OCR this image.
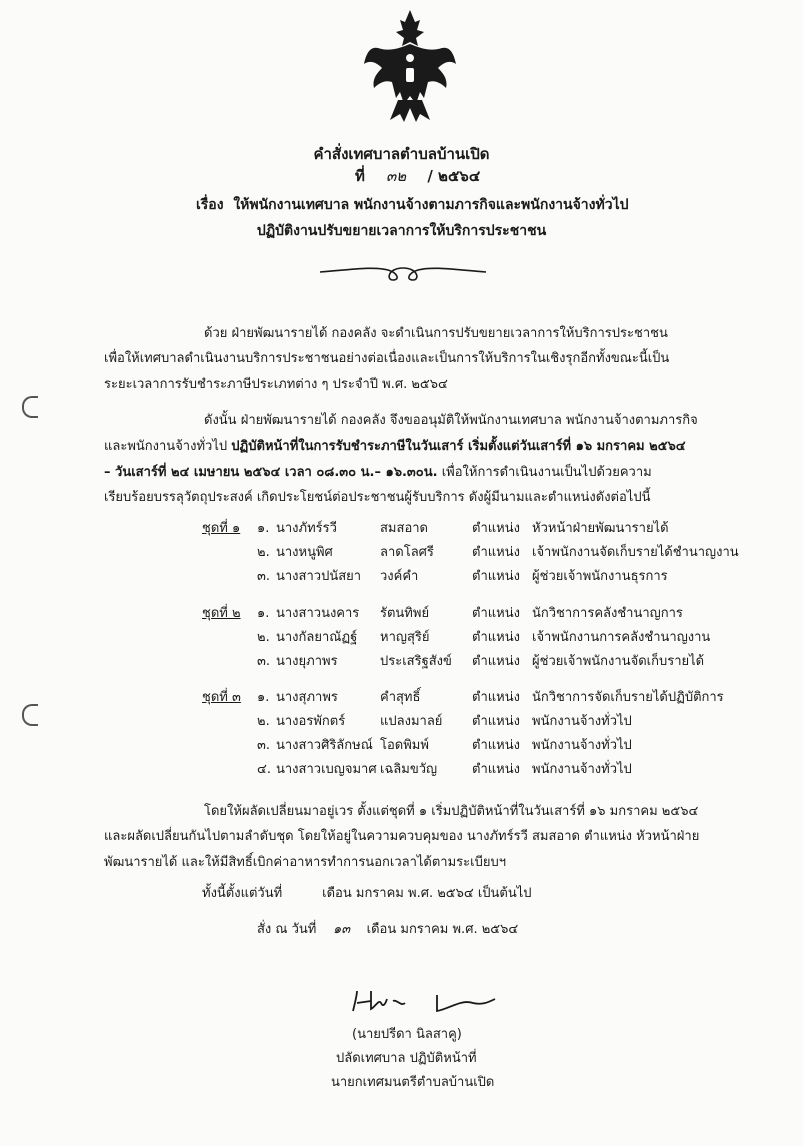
คำสั่งเทศบาลตำบลบ้านเปิด
ที่ ๓๒ / ๒๕๖๔
เรื่อง ให้พนักงานเทศบาล พนักงานจ้างตามภารกิจและพนักงานจ้างทั่วไป
ปฏิบัติงานปรับขยายเวลาการให้บริการประชาชน
ด้วย ฝ่ายพัฒนารายได้ กองคลัง จะดำเนินการปรับขยายเวลาการให้บริการประชาชน
เพื่อให้เทศบาลดำเนินงานบริการประชาชนอย่างต่อเนื่องและเป็นการให้บริการในเชิงรุกอีกทั้งขณะนี้เป็น
ระยะเวลาการรับชำระภาษีประเภทต่าง ๆ ประจำปี พ.ศ. ๒๕๖๔
ดังนั้น ฝ่ายพัฒนารายได้ กองคลัง จึงขออนุมัติให้พนักงานเทศบาล พนักงานจ้างตามภารกิจ
และพนักงานจ้างทั่วไป ปฏิบัติหน้าที่ในการรับชำระภาษีในวันเสาร์ เริ่มตั้งแต่วันเสาร์ที่ ๑๖ มกราคม ๒๕๖๔
– วันเสาร์ที่ ๒๔ เมษายน ๒๕๖๔ เวลา ๐๘.๓๐ น.– ๑๖.๓๐น. เพื่อให้การดำเนินงานเป็นไปด้วยความ
เรียบร้อยบรรลุวัตถุประสงค์ เกิดประโยชน์ต่อประชาชนผู้รับบริการ ดังผู้มีนามและตำแหน่งดังต่อไปนี้
ชุดที่ ๑ ๑. นางภัทร์รวี	สมสอาด	ตำแหน่ง หัวหน้าฝ่ายพัฒนารายได้
๒. นางหนูพิศ	ลาดโลศรี	ตำแหน่ง เจ้าพนักงานจัดเก็บรายได้ชำนาญงาน
๓. นางสาวปนัสยา วงค์คำ	ตำแหน่ง ผู้ช่วยเจ้าพนักงานธุรการ
ชุดที่ ๒ ๑. นางสาวนงคาร รัตนทิพย์	ตำแหน่ง นักวิชาการคลังชำนาญการ
๒. นางกัลยาณัฏฐ์ หาญสุริย์	ตำแหน่ง เจ้าพนักงานการคลังชำนาญงาน
๓. นางยุภาพร	ประเสริฐสังข์ ตำแหน่ง ผู้ช่วยเจ้าพนักงานจัดเก็บรายได้
ชุดที่ ๓ ๑. นางสุภาพร	คำสุทธิ์	ตำแหน่ง นักวิชาการจัดเก็บรายได้ปฏิบัติการ
๒. นางอรพักตร์	แปลงมาลย์ ตำแหน่ง พนักงานจ้างทั่วไป
๓. นางสาวศิริลักษณ์ โอดพิมพ์	ตำแหน่ง พนักงานจ้างทั่วไป
๔. นางสาวเบญจมาศ เฉลิมขวัญ	ตำแหน่ง พนักงานจ้างทั่วไป
โดยให้ผลัดเปลี่ยนมาอยู่เวร ตั้งแต่ชุดที่ ๑ เริ่มปฏิบัติหน้าที่ในวันเสาร์ที่ ๑๖ มกราคม ๒๕๖๔
และผลัดเปลี่ยนกันไปตามลำดับชุด โดยให้อยู่ในความควบคุมของ นางภัทร์รวี สมสอาด ตำแหน่ง หัวหน้าฝ่าย
พัฒนารายได้ และให้มีสิทธิ์เบิกค่าอาหารทำการนอกเวลาได้ตามระเบียบฯ
ทั้งนี้ตั้งแต่วันที่	เดือน มกราคม พ.ศ. ๒๕๖๔ เป็นต้นไป
สั่ง ณ วันที่ ๑๓ เดือน มกราคม พ.ศ. ๒๕๖๔
(นายปรีดา นิลสาคู)
ปลัดเทศบาล ปฏิบัติหน้าที่
นายกเทศมนตรีตำบลบ้านเปิด
